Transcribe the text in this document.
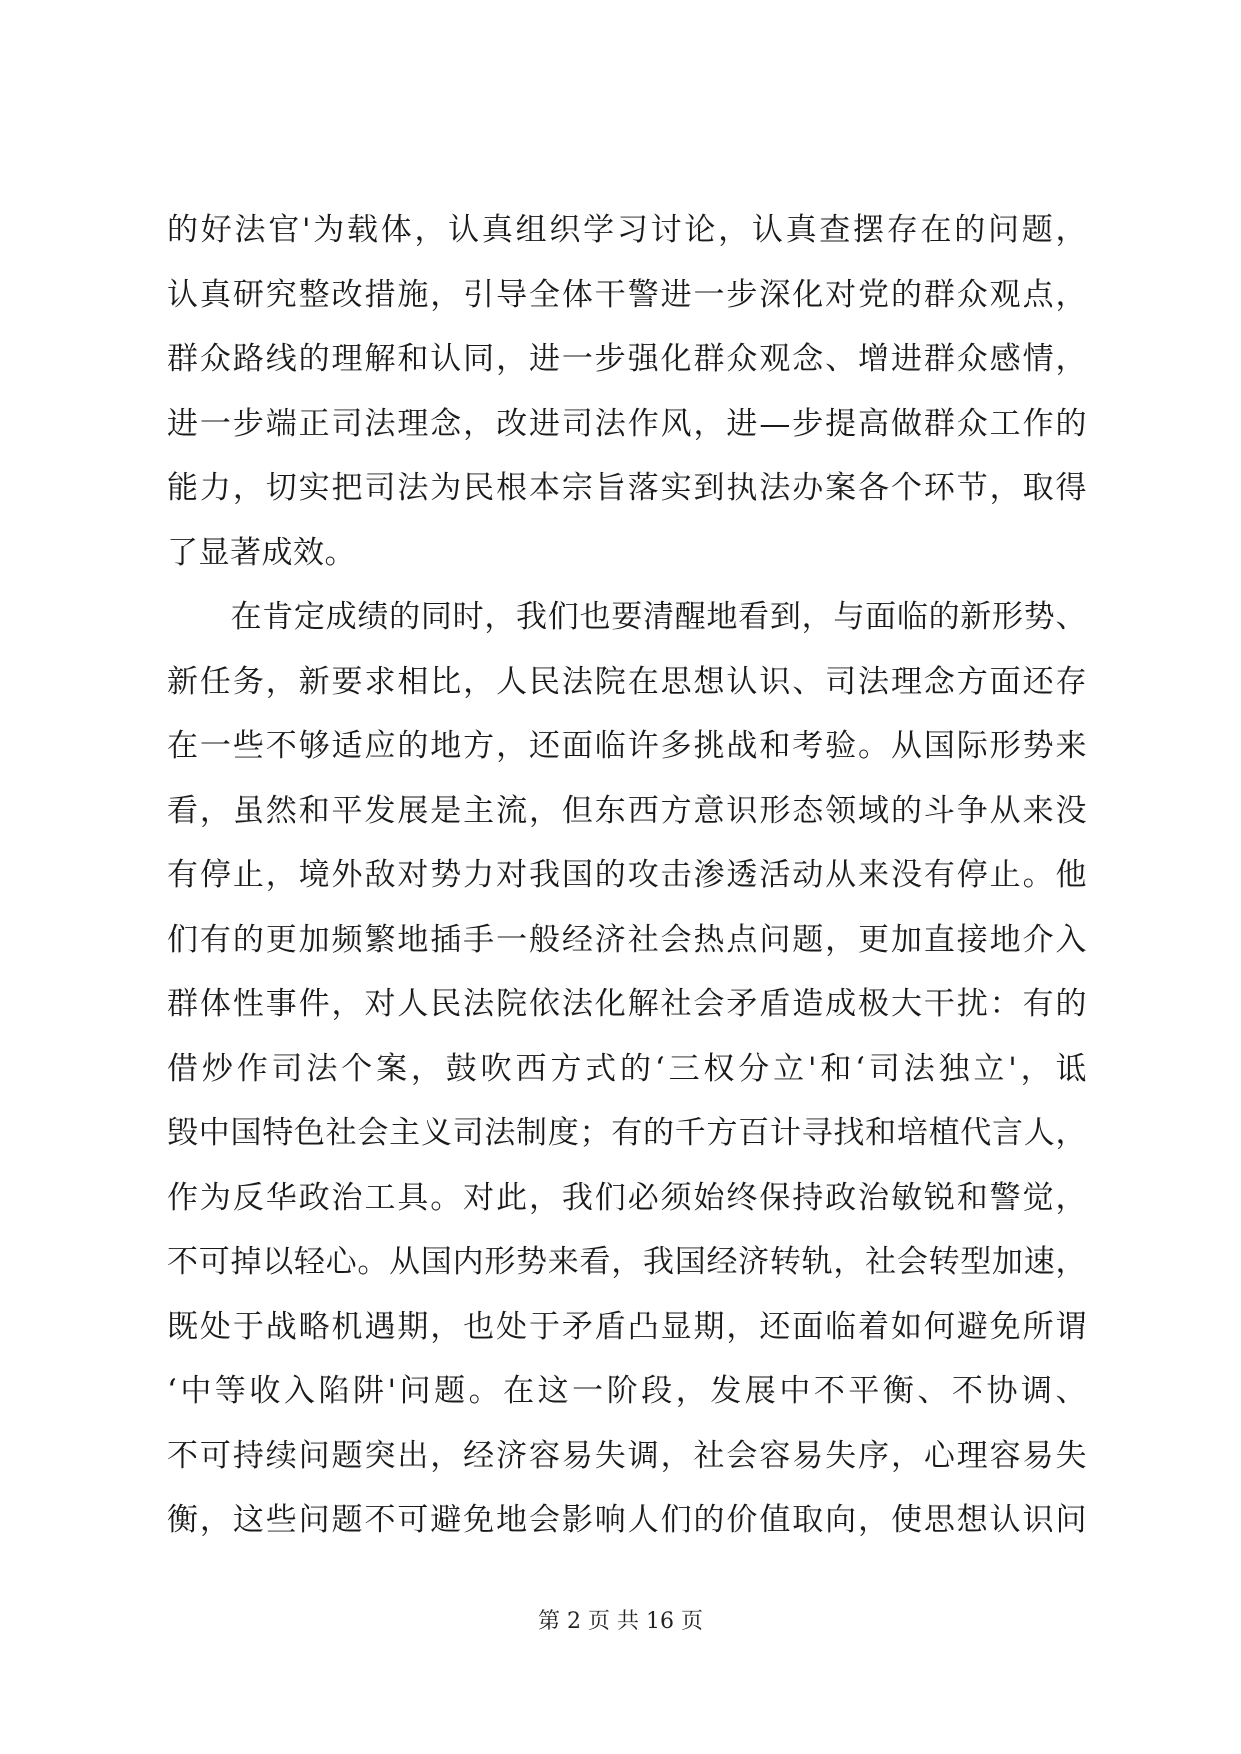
的好法官'为载体，认真组织学习讨论，认真查摆存在的问题，
认真研究整改措施，引导全体干警进一步深化对党的群众观点，
群众路线的理解和认同，进一步强化群众观念、增进群众感情，
进一步端正司法理念，改进司法作风，进—步提高做群众工作的
能力，切实把司法为民根本宗旨落实到执法办案各个环节，取得
了显著成效。
　　在肯定成绩的同时，我们也要清醒地看到，与面临的新形势、
新任务，新要求相比，人民法院在思想认识、司法理念方面还存
在一些不够适应的地方，还面临许多挑战和考验。从国际形势来
看，虽然和平发展是主流，但东西方意识形态领域的斗争从来没
有停止，境外敌对势力对我国的攻击渗透活动从来没有停止。他
们有的更加频繁地插手一般经济社会热点问题，更加直接地介入
群体性事件，对人民法院依法化解社会矛盾造成极大干扰：有的
借炒作司法个案，鼓吹西方式的‘三权分立'和‘司法独立'，诋
毁中国特色社会主义司法制度；有的千方百计寻找和培植代言人，
作为反华政治工具。对此，我们必须始终保持政治敏锐和警觉，
不可掉以轻心。从国内形势来看，我国经济转轨，社会转型加速，
既处于战略机遇期，也处于矛盾凸显期，还面临着如何避免所谓
‘中等收入陷阱'问题。在这一阶段，发展中不平衡、不协调、
不可持续问题突出，经济容易失调，社会容易失序，心理容易失
衡，这些问题不可避免地会影响人们的价值取向，使思想认识问
第 2 页 共 16 页
